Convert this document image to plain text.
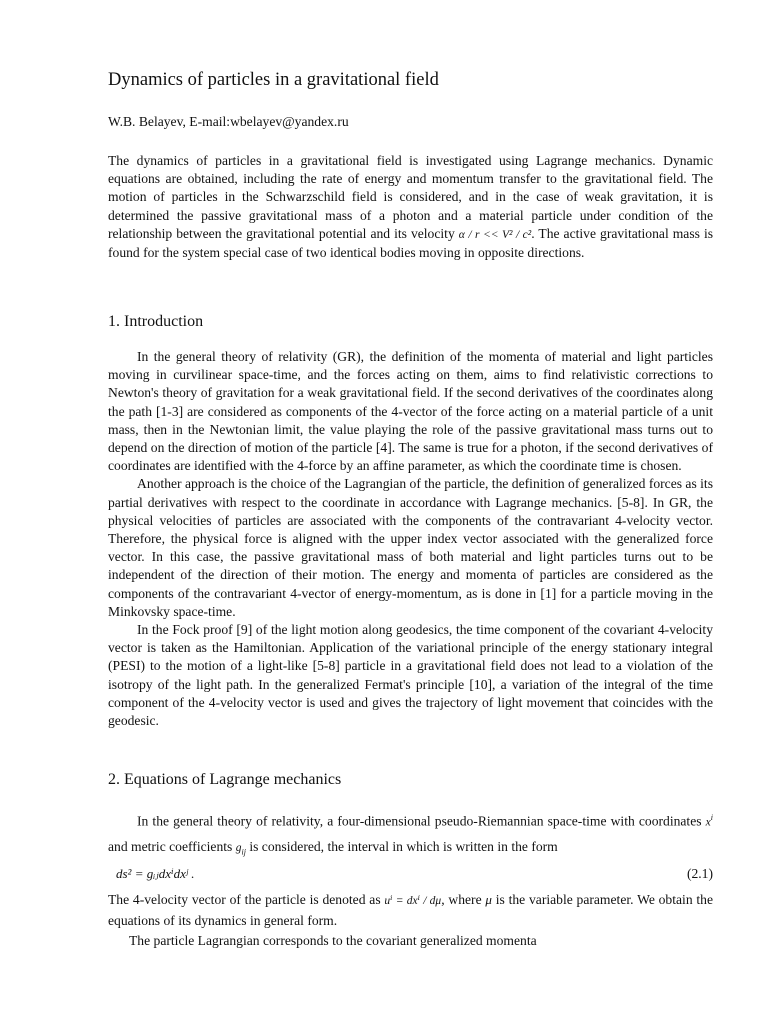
Dynamics of particles in a gravitational field
W.B. Belayev, E-mail:wbelayev@yandex.ru

The dynamics of particles in a gravitational field is investigated using Lagrange mechanics. Dynamic equations are obtained, including the rate of energy and momentum transfer to the gravitational field. The motion of particles in the Schwarzschild field is considered, and in the case of weak gravitation, it is determined the passive gravitational mass of a photon and a material particle under condition of the relationship between the gravitational potential and its velocity α / r << V² / c². The active gravitational mass is found for the system special case of two identical bodies moving in opposite directions.

1. Introduction

In the general theory of relativity (GR), the definition of the momenta of material and light particles moving in curvilinear space-time, and the forces acting on them, aims to find relativistic corrections to Newton's theory of gravitation for a weak gravitational field. If the second derivatives of the coordinates along the path [1-3] are considered as components of the 4-vector of the force acting on a material particle of a unit mass, then in the Newtonian limit, the value playing the role of the passive gravitational mass turns out to depend on the direction of motion of the particle [4]. The same is true for a photon, if the second derivatives of coordinates are identified with the 4-force by an affine parameter, as which the coordinate time is chosen.

Another approach is the choice of the Lagrangian of the particle, the definition of generalized forces as its partial derivatives with respect to the coordinate in accordance with Lagrange mechanics. [5-8]. In GR, the physical velocities of particles are associated with the components of the contravariant 4-velocity vector. Therefore, the physical force is aligned with the upper index vector associated with the generalized force vector. In this case, the passive gravitational mass of both material and light particles turns out to be independent of the direction of their motion. The energy and momenta of particles are considered as the components of the contravariant 4-vector of energy-momentum, as is done in [1] for a particle moving in the Minkovsky space-time.

In the Fock proof [9] of the light motion along geodesics, the time component of the covariant 4-velocity vector is taken as the Hamiltonian. Application of the variational principle of the energy stationary integral (PESI) to the motion of a light-like [5-8] particle in a gravitational field does not lead to a violation of the isotropy of the light path. In the generalized Fermat's principle [10], a variation of the integral of the time component of the 4-velocity vector is used and gives the trajectory of light movement that coincides with the geodesic.

2. Equations of Lagrange mechanics

In the general theory of relativity, a four-dimensional pseudo-Riemannian space-time with coordinates $x^i$ and metric coefficients $g_{ij}$ is considered, the interval in which is written in the form

ds² = gᵢⱼdxⁱdxʲ .	(2.1)

The 4-velocity vector of the particle is denoted as uⁱ = dxⁱ / dμ, where μ is the variable parameter. We obtain the equations of its dynamics in general form.

The particle Lagrangian corresponds to the covariant generalized momenta
